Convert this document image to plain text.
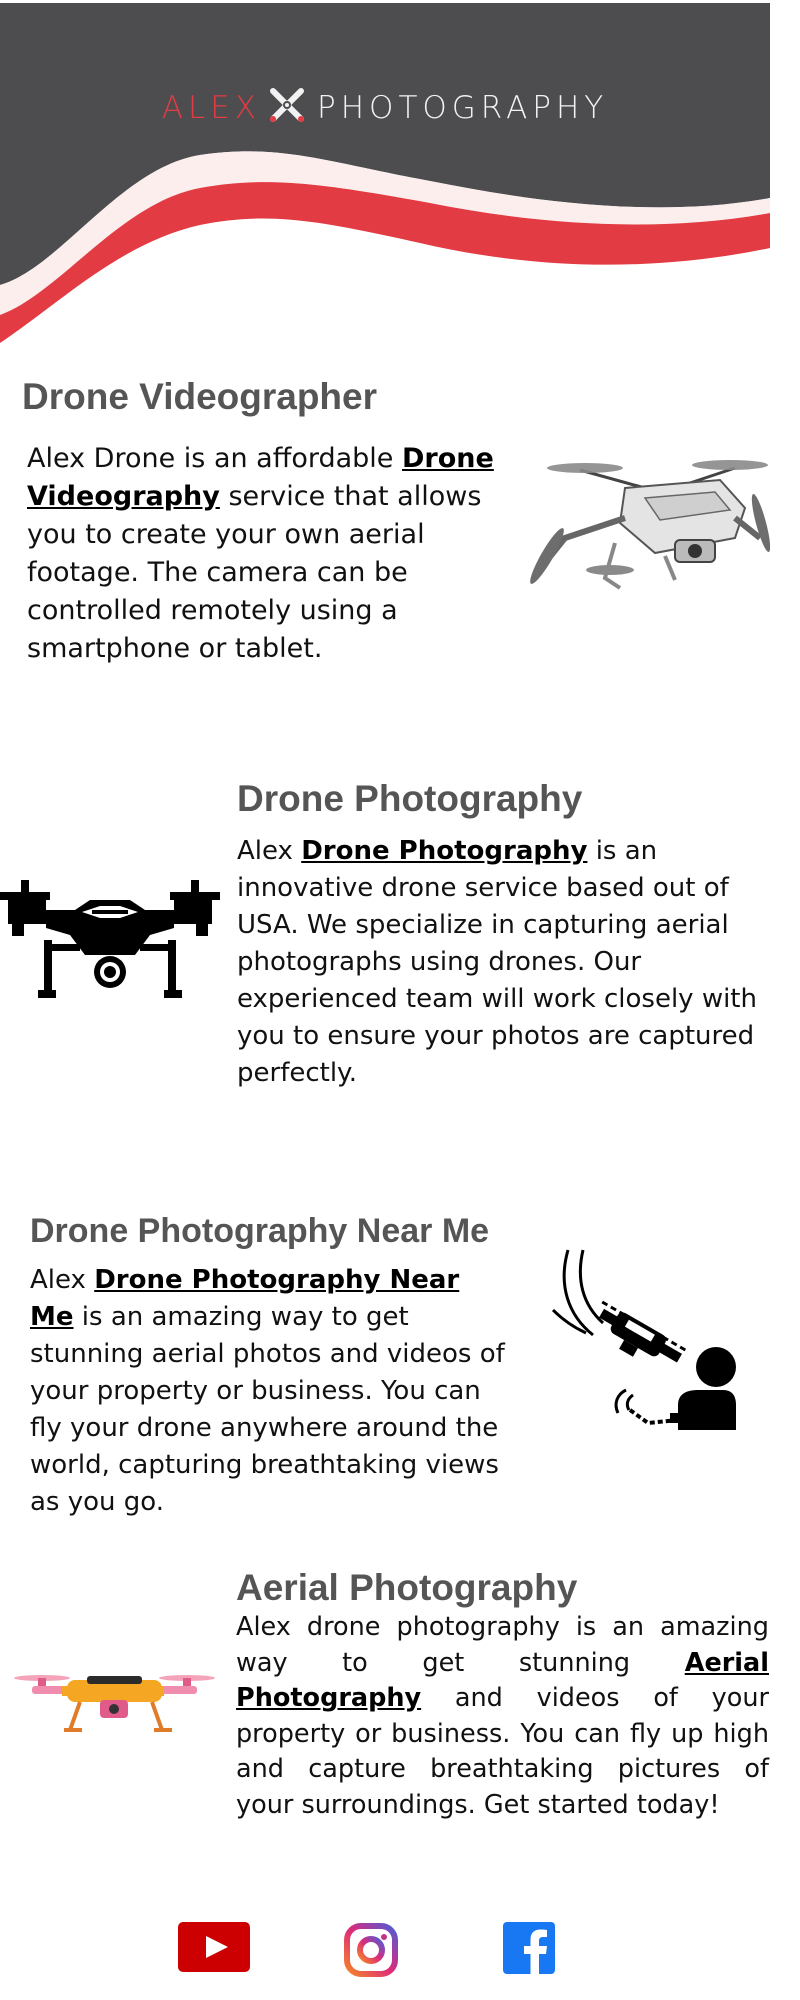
ALEX PHOTOGRAPHY
Drone Videographer

Alex Drone is an affordable Drone Videography service that allows you to create your own aerial footage. The camera can be controlled remotely using a smartphone or tablet.

Drone Photography

Alex Drone Photography is an innovative drone service based out of USA. We specialize in capturing aerial photographs using drones. Our experienced team will work closely with you to ensure your photos are captured perfectly.

Drone Photography Near Me

Alex Drone Photography Near Me is an amazing way to get stunning aerial photos and videos of your property or business. You can fly your drone anywhere around the world, capturing breathtaking views as you go.

Aerial Photography

Alex drone photography is an amazing way to get stunning Aerial Photography and videos of your property or business. You can fly up high and capture breathtaking pictures of your surroundings. Get started today!
